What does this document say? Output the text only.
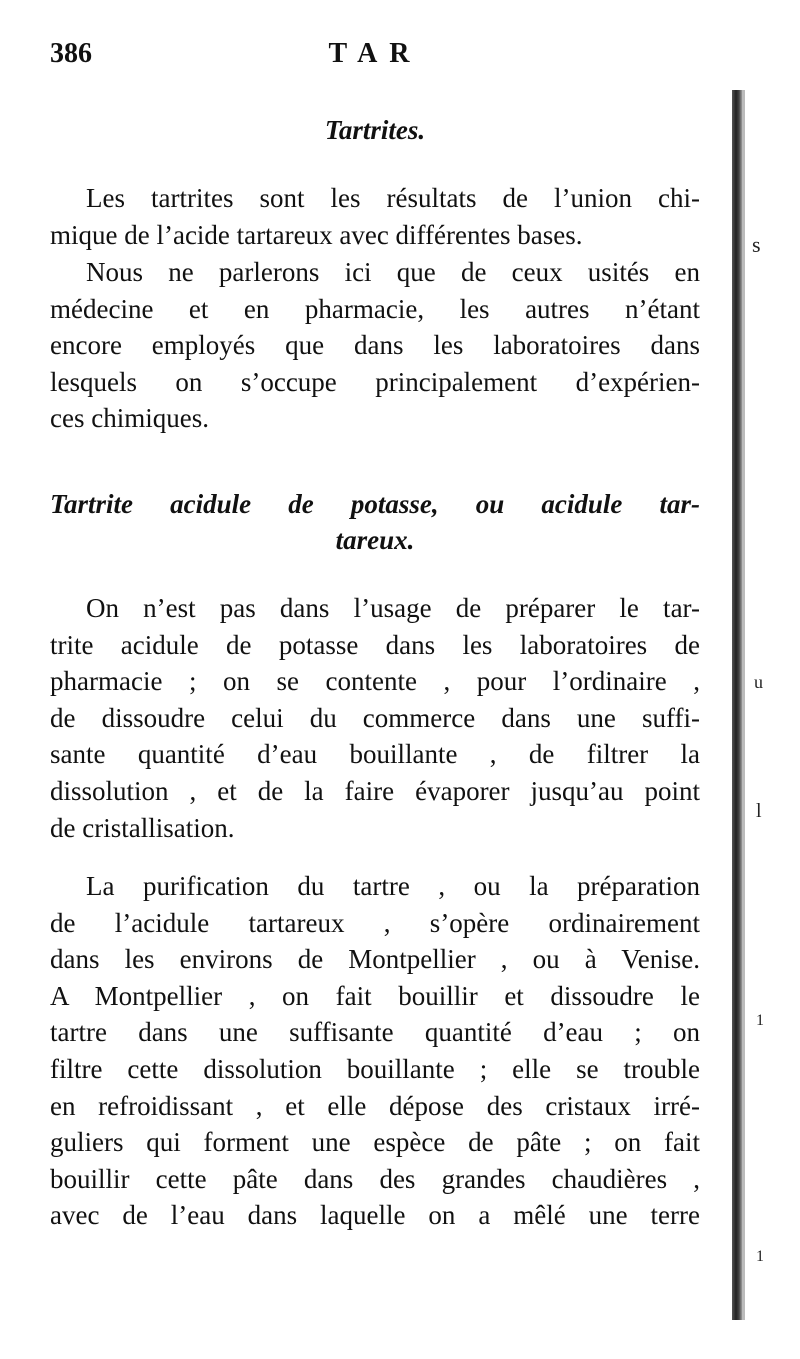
386	TAR
Tartrites.
Les tartrites sont les résultats de l’union chi-
mique de l’acide tartareux avec différentes bases.
Nous ne parlerons ici que de ceux usités en
médecine et en pharmacie, les autres n’étant
encore employés que dans les laboratoires dans
lesquels on s’occupe principalement d’expérien-
ces chimiques.
Tartrite acidule de potasse, ou acidule tar-
tareux.
On n’est pas dans l’usage de préparer le tar-
trite acidule de potasse dans les laboratoires de
pharmacie ; on se contente , pour l’ordinaire ,
de dissoudre celui du commerce dans une suffi-
sante quantité d’eau bouillante , de filtrer la
dissolution , et de la faire évaporer jusqu’au point
de cristallisation.
La purification du tartre , ou la préparation
de l’acidule tartareux , s’opère ordinairement
dans les environs de Montpellier , ou à Venise.
A Montpellier , on fait bouillir et dissoudre le
tartre dans une suffisante quantité d’eau ; on
filtre cette dissolution bouillante ; elle se trouble
en refroidissant , et elle dépose des cristaux irré-
guliers qui forment une espèce de pâte ; on fait
bouillir cette pâte dans des grandes chaudières ,
avec de l’eau dans laquelle on a mêlé une terre
s
u
l
1
1
